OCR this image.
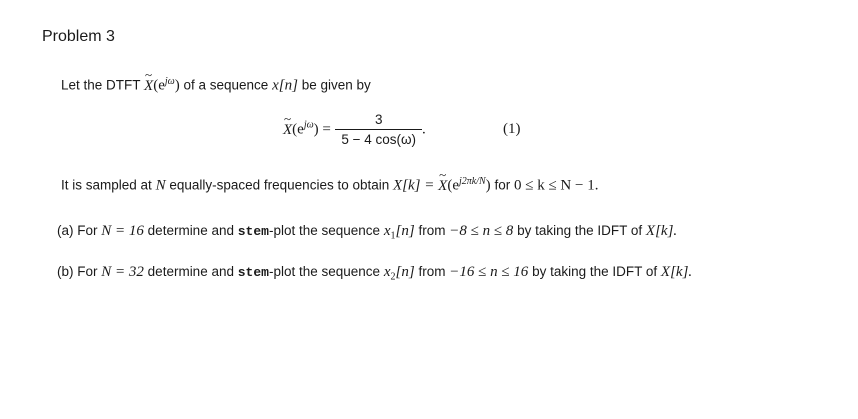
Problem 3
Let the DTFT ~ $X(e^{j\omega})$ of a sequence x[n] be given by
~ $X(e^{j\omega}) = \frac{3}{5 - 4 \cos(\omega)}$ .	(1)
It is sampled at N equally-spaced frequencies to obtain X[k] = ~ $X(e^{j2\pi k/N})$ for 0 ≤ k ≤ N − 1.
(a) For N = 16 determine and stem-plot the sequence $x_1[n]$ from −8 ≤ n ≤ 8 by taking the IDFT of X[k].
(b) For N = 32 determine and stem-plot the sequence $x_2[n]$ from −16 ≤ n ≤ 16 by taking the IDFT of X[k].
